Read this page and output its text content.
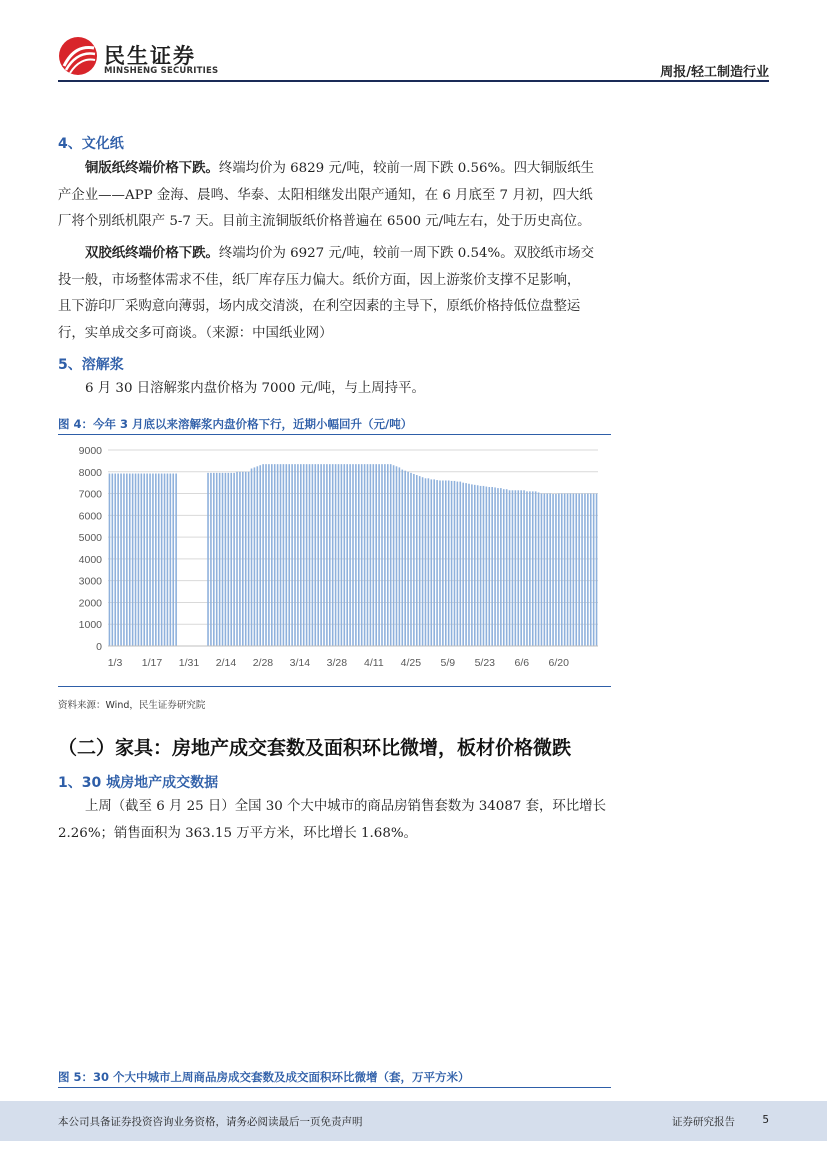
民生证券
MINSHENG SECURITIES	周报/轻工制造行业
4、文化纸
铜版纸终端价格下跌。终端均价为 6829 元/吨，较前一周下跌 0.56%。四大铜版纸生
产企业——APP 金海、晨鸣、华泰、太阳相继发出限产通知，在 6 月底至 7 月初，四大纸
厂将个别纸机限产 5-7 天。目前主流铜版纸价格普遍在 6500 元/吨左右，处于历史高位。
双胶纸终端价格下跌。终端均价为 6927 元/吨，较前一周下跌 0.54%。双胶纸市场交
投一般，市场整体需求不佳，纸厂库存压力偏大。纸价方面，因上游浆价支撑不足影响，
且下游印厂采购意向薄弱，场内成交清淡，在利空因素的主导下，原纸价格持低位盘整运
行，实单成交多可商谈。（来源：中国纸业网）
5、溶解浆
6 月 30 日溶解浆内盘价格为 7000 元/吨，与上周持平。
图 4：今年 3 月底以来溶解浆内盘价格下行，近期小幅回升（元/吨）
0
1000
2000
3000
4000
5000
6000
7000
8000
9000
1/3 1/17 1/31 2/14 2/28 3/14 3/28 4/11 4/25 5/9 5/23 6/6 6/20
资料来源：Wind，民生证券研究院
（二）家具：房地产成交套数及面积环比微增，板材价格微跌
1、30 城房地产成交数据
上周（截至 6 月 25 日）全国 30 个大中城市的商品房销售套数为 34087 套，环比增长
2.26%；销售面积为 363.15 万平方米，环比增长 1.68%。
图 5：30 个大中城市上周商品房成交套数及成交面积环比微增（套，万平方米）
本公司具备证券投资咨询业务资格，请务必阅读最后一页免责声明	证券研究报告	5
